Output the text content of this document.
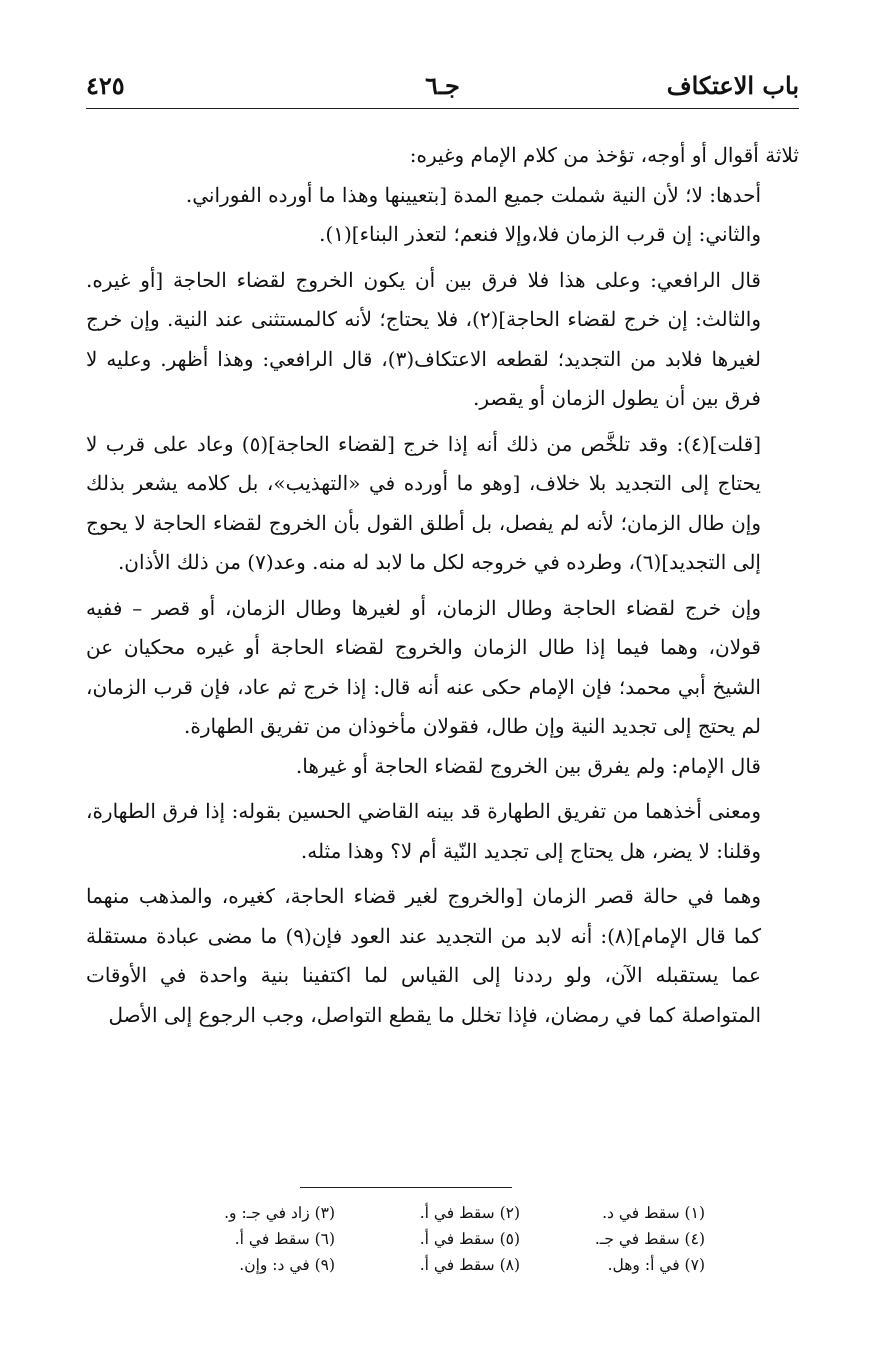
باب الاعتكاف
جـ٦
٤٢٥

ثلاثة أقوال أو أوجه، تؤخذ من كلام الإمام وغيره:

أحدها: لا؛ لأن النية شملت جميع المدة [بتعيينها وهذا ما أورده الفوراني.

والثاني: إن قرب الزمان فلا،وإلا فنعم؛ لتعذر البناء](١).

قال الرافعي: وعلى هذا فلا فرق بين أن يكون الخروج لقضاء الحاجة [أو غيره. والثالث: إن خرج لقضاء الحاجة](٢)، فلا يحتاج؛ لأنه كالمستثنى عند النية. وإن خرج لغيرها فلابد من التجديد؛ لقطعه الاعتكاف(٣)، قال الرافعي: وهذا أظهر. وعليه لا فرق بين أن يطول الزمان أو يقصر.

[قلت](٤): وقد تلخَّص من ذلك أنه إذا خرج [لقضاء الحاجة](٥) وعاد على قرب لا يحتاج إلى التجديد بلا خلاف، [وهو ما أورده في «التهذيب»، بل كلامه يشعر بذلك وإن طال الزمان؛ لأنه لم يفصل، بل أطلق القول بأن الخروج لقضاء الحاجة لا يحوج إلى التجديد](٦)، وطرده في خروجه لكل ما لابد له منه. وعد(٧) من ذلك الأذان.

وإن خرج لقضاء الحاجة وطال الزمان، أو لغيرها وطال الزمان، أو قصر – ففيه قولان، وهما فيما إذا طال الزمان والخروج لقضاء الحاجة أو غيره محكيان عن الشيخ أبي محمد؛ فإن الإمام حكى عنه أنه قال: إذا خرج ثم عاد، فإن قرب الزمان، لم يحتج إلى تجديد النية وإن طال، فقولان مأخوذان من تفريق الطهارة.

قال الإمام: ولم يفرق بين الخروج لقضاء الحاجة أو غيرها.

ومعنى أخذهما من تفريق الطهارة قد بينه القاضي الحسين بقوله: إذا فرق الطهارة، وقلنا: لا يضر، هل يحتاج إلى تجديد النّية أم لا؟ وهذا مثله.

وهما في حالة قصر الزمان [والخروج لغير قضاء الحاجة، كغيره، والمذهب منهما كما قال الإمام](٨): أنه لابد من التجديد عند العود فإن(٩) ما مضى عبادة مستقلة عما يستقبله الآن، ولو رددنا إلى القياس لما اكتفينا بنية واحدة في الأوقات المتواصلة كما في رمضان، فإذا تخلل ما يقطع التواصل، وجب الرجوع إلى الأصل

(١) سقط في د.
(٢) سقط في أ.
(٣) زاد في جـ: و.
(٤) سقط في جـ.
(٥) سقط في أ.
(٦) سقط في أ.
(٧) في أ: وهل.
(٨) سقط في أ.
(٩) في د: وإن.
